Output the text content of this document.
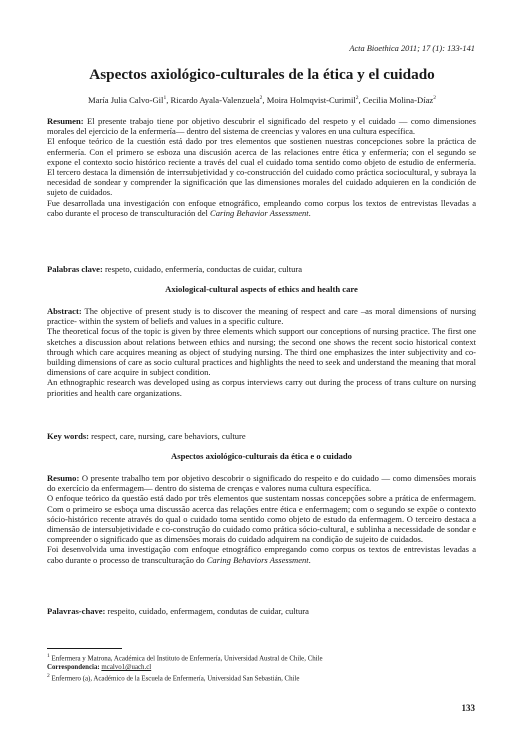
Acta Bioethica 2011; 17 (1): 133-141
Aspectos axiológico-culturales de la ética y el cuidado
María Julia Calvo-Gil$^1$, Ricardo Ayala-Valenzuela$^2$, Moira Holmqvist-Curimil$^2$, Cecilia Molina-Díaz$^2$

Resumen: El presente trabajo tiene por objetivo descubrir el significado del respeto y el cuidado — como dimensiones morales del ejercicio de la enfermería— dentro del sistema de creencias y valores en una cultura específica.

El enfoque teórico de la cuestión está dado por tres elementos que sostienen nuestras concepciones sobre la práctica de enfermería. Con el primero se esboza una discusión acerca de las relaciones entre ética y enfermería; con el segundo se expone el contexto socio histórico reciente a través del cual el cuidado toma sentido como objeto de estudio de enfermería. El tercero destaca la dimensión de interrsubjetividad y co-construcción del cuidado como práctica sociocultural, y subraya la necesidad de sondear y comprender la significación que las dimensiones morales del cuidado adquieren en la condición de sujeto de cuidados.

Fue desarrollada una investigación con enfoque etnográfico, empleando como corpus los textos de entrevistas llevadas a cabo durante el proceso de transculturación del Caring Behavior Assessment.

Palabras clave: respeto, cuidado, enfermería, conductas de cuidar, cultura
Axiological-cultural aspects of ethics and health care

Abstract: The objective of present study is to discover the meaning of respect and care –as moral dimensions of nursing practice- within the system of beliefs and values in a specific culture.

The theoretical focus of the topic is given by three elements which support our conceptions of nursing practice. The first one sketches a discussion about relations between ethics and nursing; the second one shows the recent socio historical context through which care acquires meaning as object of studying nursing. The third one emphasizes the inter subjectivity and co-building dimensions of care as socio cultural practices and highlights the need to seek and understand the meaning that moral dimensions of care acquire in subject condition.

An ethnographic research was developed using as corpus interviews carry out during the process of trans culture on nursing priorities and health care organizations.

Key words: respect, care, nursing, care behaviors, culture
Aspectos axiológico-culturais da ética e o cuidado

Resumo: O presente trabalho tem por objetivo descobrir o significado do respeito e do cuidado — como dimensões morais do exercício da enfermagem— dentro do sistema de crenças e valores numa cultura específica.

O enfoque teórico da questão está dado por três elementos que sustentam nossas concepções sobre a prática de enfermagem. Com o primeiro se esboça uma discussão acerca das relações entre ética e enfermagem; com o segundo se expõe o contexto sócio-histórico recente através do qual o cuidado toma sentido como objeto de estudo da enfermagem. O terceiro destaca a dimensão de intersubjetividade e co-construção do cuidado como prática sócio-cultural, e sublinha a necessidade de sondar e compreender o significado que as dimensões morais do cuidado adquirem na condição de sujeito de cuidados.

Foi desenvolvida uma investigação com enfoque etnográfico empregando como corpus os textos de entrevistas levadas a cabo durante o processo de transculturação do Caring Behaviors Assessment.

Palavras-chave: respeito, cuidado, enfermagem, condutas de cuidar, cultura

$^1$ Enfermera y Matrona, Académica del Instituto de Enfermería, Universidad Austral de Chile, Chile

Correspondencia: mcalvo1@uach.cl

$^2$ Enfermero (a), Académico de la Escuela de Enfermería, Universidad San Sebastián, Chile

133
